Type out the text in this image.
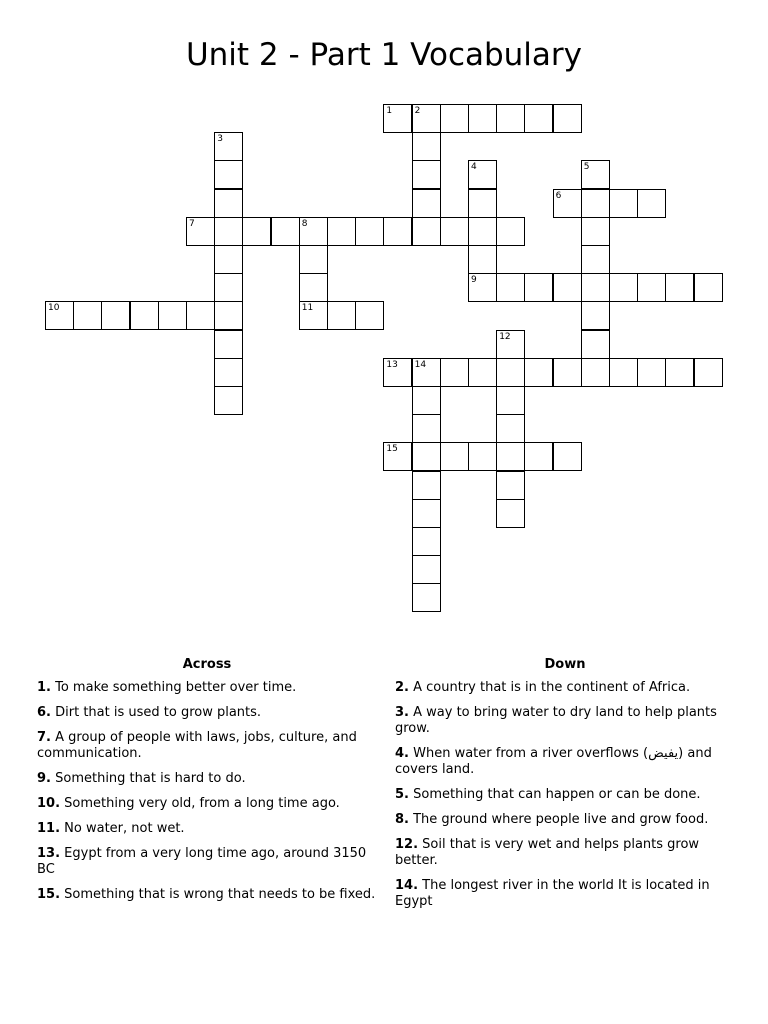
Unit 2 - Part 1 Vocabulary
1 2
3
4
9
5
6
7	8
11
10
12
13 14
15
Across
1. To make something better over time.
6. Dirt that is used to grow plants.
7. A group of people with laws, jobs, culture, and communication.
9. Something that is hard to do.
10. Something very old, from a long time ago.
11. No water, not wet.
13. Egypt from a very long time ago, around 3150 BC
15. Something that is wrong that needs to be fixed.
Down
2. A country that is in the continent of Africa.
3. A way to bring water to dry land to help plants grow.
4. When water from a river overflows (يفيض) and covers land.
5. Something that can happen or can be done.
8. The ground where people live and grow food.
12. Soil that is very wet and helps plants grow better.
14. The longest river in the world It is located in Egypt
